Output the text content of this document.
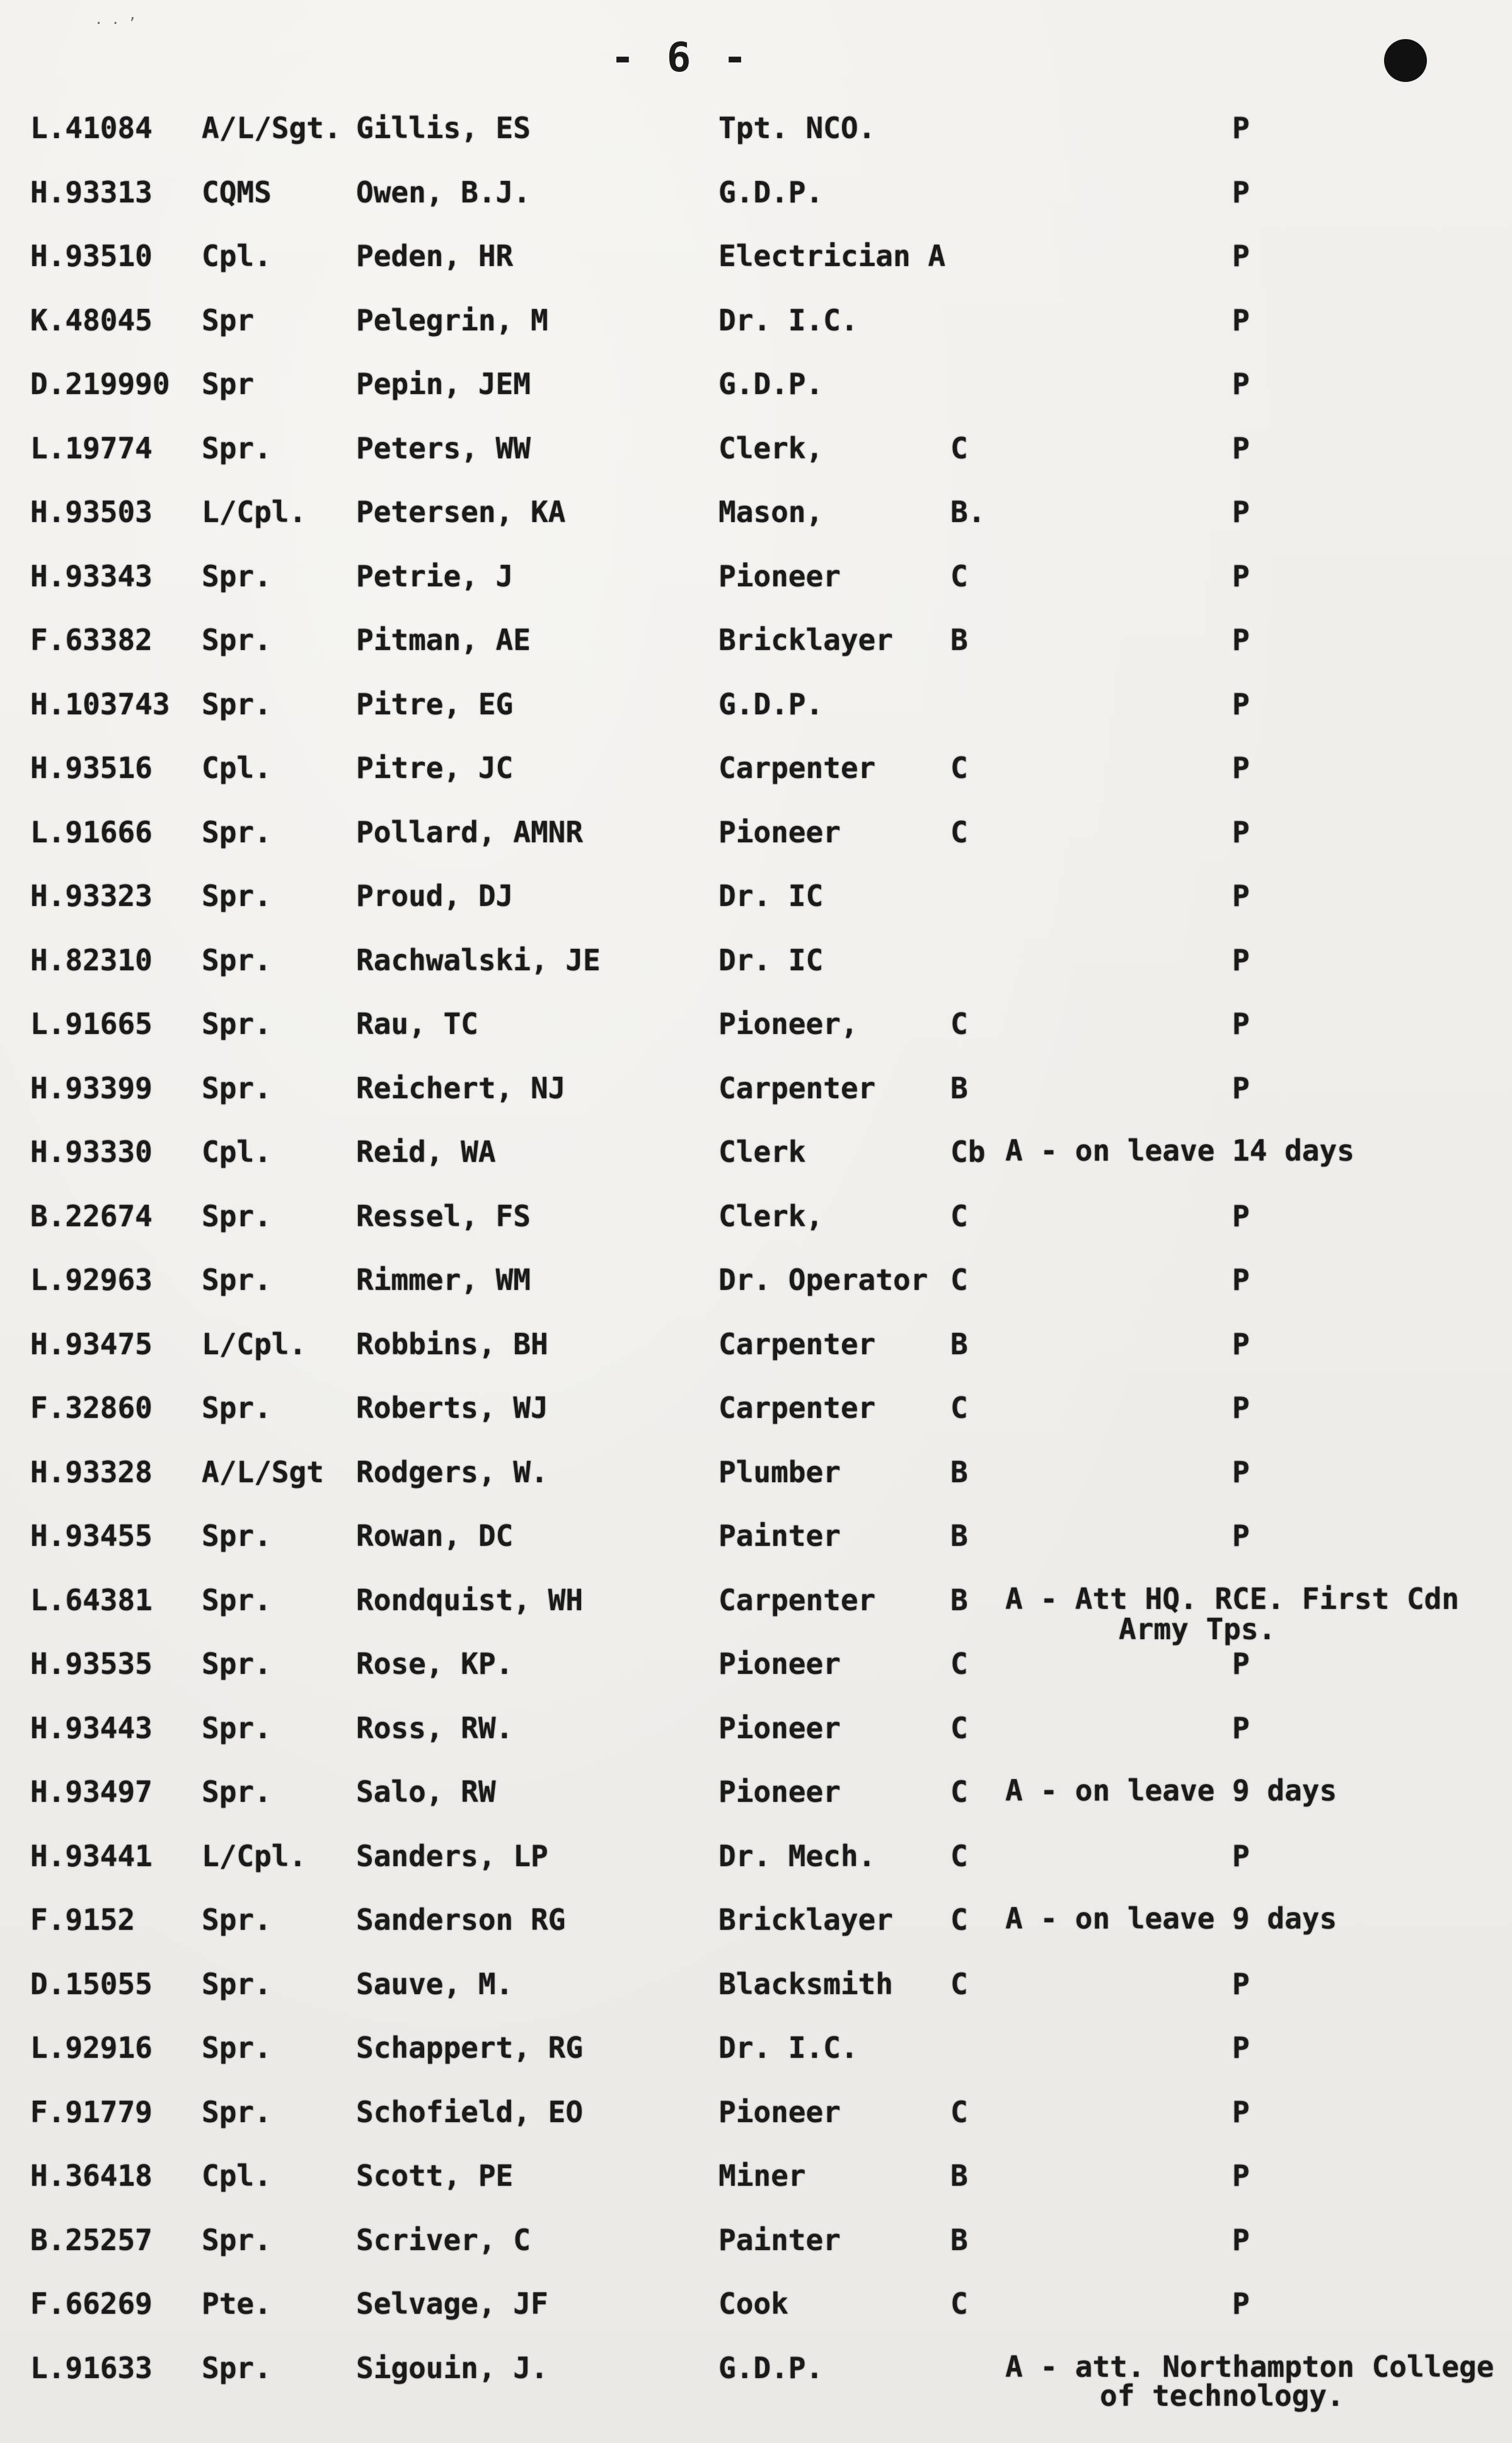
· · ʼ
- 6 -
L.41084 A/L/Sgt. Gillis, ES	Tpt. NCO.	P
H.93313 CQMS	Owen, B.J.	G.D.P.	P
H.93510 Cpl.	Peden, HR	Electrician A	P
K.48045 Spr	Pelegrin, M	Dr. I.C.	P
D.219990 Spr	Pepin, JEM	G.D.P.	P
L.19774 Spr.	Peters, WW	Clerk,	C	P
H.93503 L/Cpl. Petersen, KA	Mason,	B.	P
H.93343 Spr.	Petrie, J	Pioneer	C	P
F.63382 Spr.	Pitman, AE	Bricklayer B	P
H.103743 Spr.	Pitre, EG	G.D.P.	P
H.93516 Cpl.	Pitre, JC	Carpenter	C	P
L.91666 Spr.	Pollard, AMNR	Pioneer	C	P
H.93323 Spr.	Proud, DJ	Dr. IC	P
H.82310 Spr.	Rachwalski, JE	Dr. IC	P
L.91665 Spr.	Rau, TC	Pioneer,	C	P
H.93399 Spr.	Reichert, NJ	Carpenter	B	P
H.93330 Cpl.	Reid, WA	Clerk	Cb A - on leave 14 days
B.22674 Spr.	Ressel, FS	Clerk,	C	P
L.92963 Spr.	Rimmer, WM	Dr. Operator C	P
H.93475 L/Cpl. Robbins, BH	Carpenter	B	P
F.32860 Spr.	Roberts, WJ	Carpenter	C	P
H.93328 A/L/Sgt Rodgers, W.	Plumber	B	P
H.93455 Spr.	Rowan, DC	Painter	B	P
L.64381 Spr.	Rondquist, WH	Carpenter	B A - Att HQ. RCE. First Cdn
Army Tps.
H.93535 Spr.	Rose, KP.	Pioneer	C	P
H.93443 Spr.	Ross, RW.	Pioneer	C	P
H.93497 Spr.	Salo, RW	Pioneer	C A - on leave 9 days
H.93441 L/Cpl. Sanders, LP	Dr. Mech.	C	P
F.9152 Spr.	Sanderson RG	Bricklayer C A - on leave 9 days
D.15055 Spr.	Sauve, M.	Blacksmith C	P
L.92916 Spr.	Schappert, RG	Dr. I.C.	P
F.91779 Spr.	Schofield, EO	Pioneer	C	P
H.36418 Cpl.	Scott, PE	Miner	B	P
B.25257 Spr.	Scriver, C	Painter	B	P
F.66269 Pte.	Selvage, JF	Cook	C	P
L.91633 Spr.	Sigouin, J.	G.D.P.	A - att. Northampton College
of technology.
